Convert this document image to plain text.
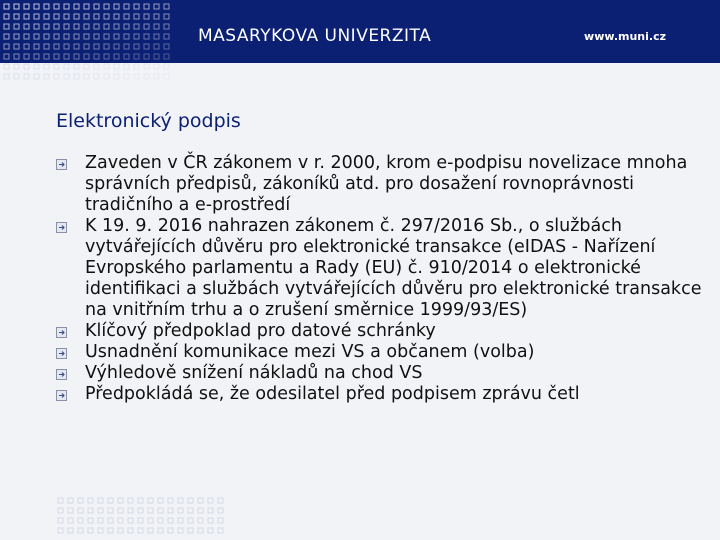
MASARYKOVA UNIVERZITA	www.muni.cz
Elektronický podpis
Zaveden v ČR zákonem v r. 2000, krom e-podpisu novelizace mnoha správních předpisů, zákoníků atd. pro dosažení rovnoprávnosti tradičního a e-prostředí
K 19. 9. 2016 nahrazen zákonem č. 297/2016 Sb., o službách vytvářejících důvěru pro elektronické transakce (eIDAS - Nařízení Evropského parlamentu a Rady (EU) č. 910/2014 o elektronické identifikaci a službách vytvářejících důvěru pro elektronické transakce na vnitřním trhu a o zrušení směrnice 1999/93/ES)
Klíčový předpoklad pro datové schránky
Usnadnění komunikace mezi VS a občanem (volba)
Výhledově snížení nákladů na chod VS
Předpokládá se, že odesilatel před podpisem zprávu četl
